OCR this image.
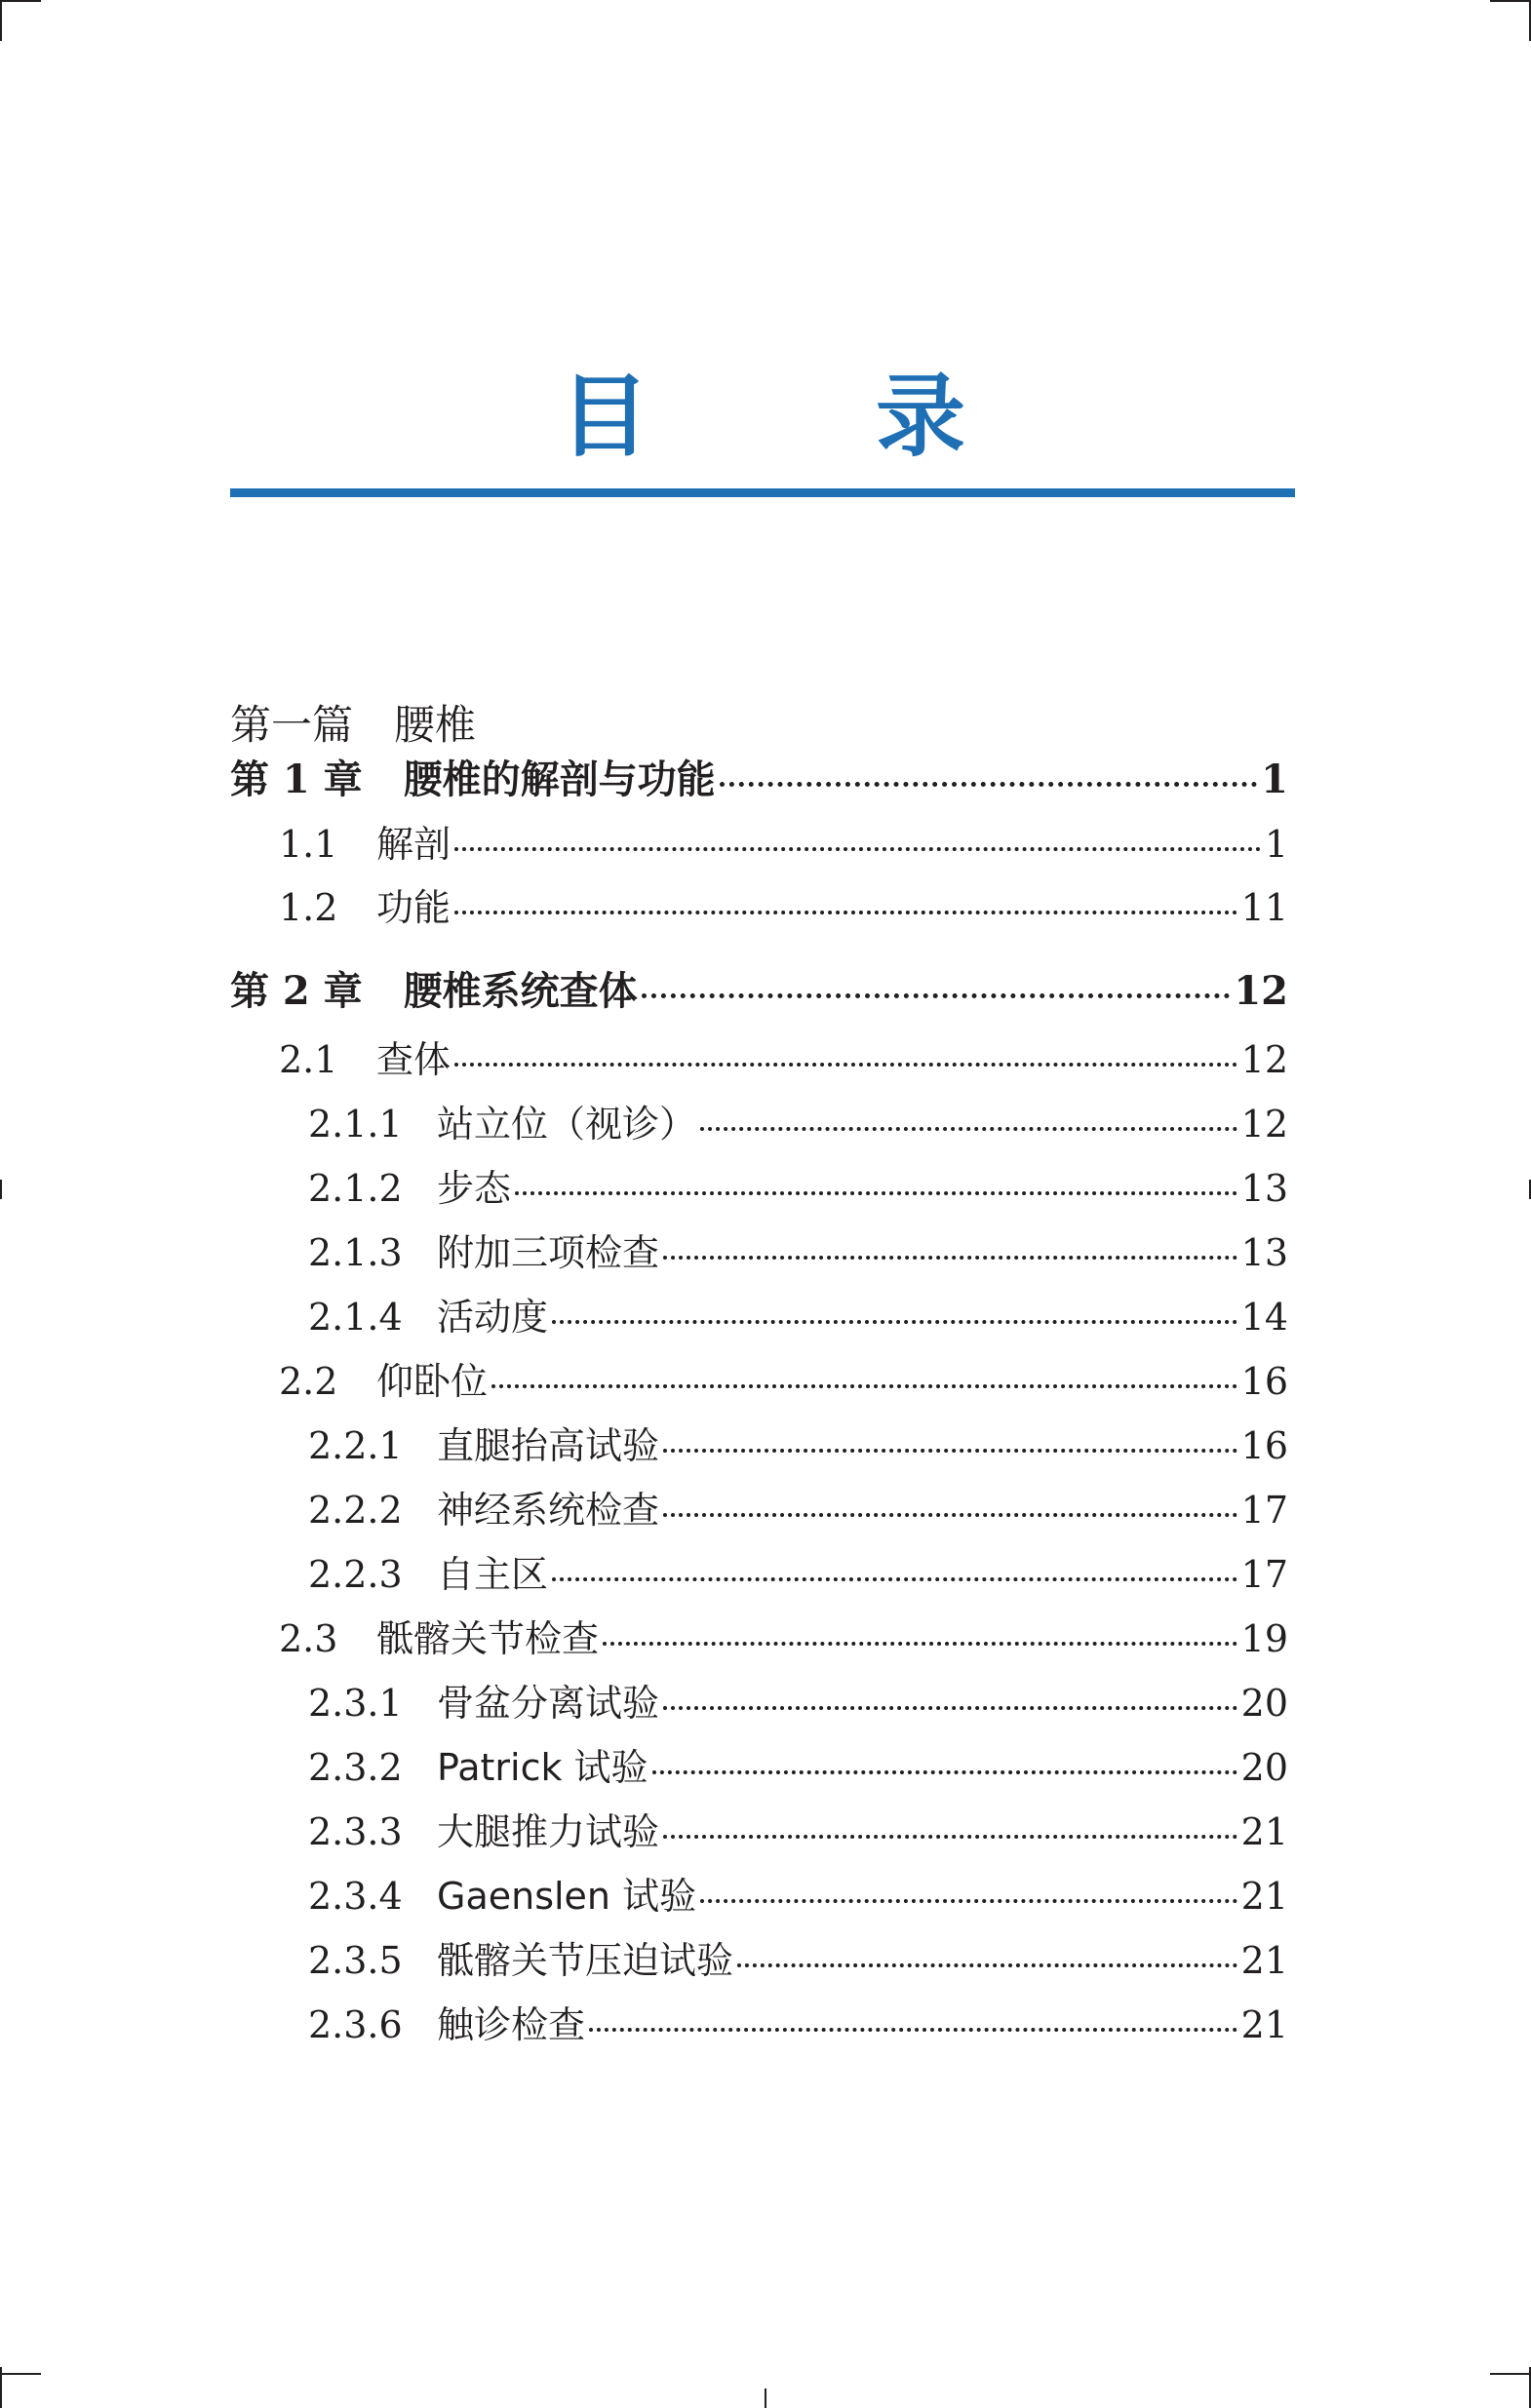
目　录
第一篇　腰椎
第 1 章 腰椎的解剖与功能	1
1.1	解剖	1
1.2	功能	11
第 2 章 腰椎系统查体	12
2.1	查体	12
2.1.1 站立位（视诊）	12
2.1.2 步态	13
2.1.3 附加三项检查	13
2.1.4 活动度	14
2.2	仰卧位	16
2.2.1 直腿抬高试验	16
2.2.2 神经系统检查	17
2.2.3 自主区	17
2.3	骶髂关节检查	19
2.3.1 骨盆分离试验	20
2.3.2 Patrick 试验	20
2.3.3 大腿推力试验	21
2.3.4 Gaenslen 试验	21
2.3.5 骶髂关节压迫试验	21
2.3.6 触诊检查	21
